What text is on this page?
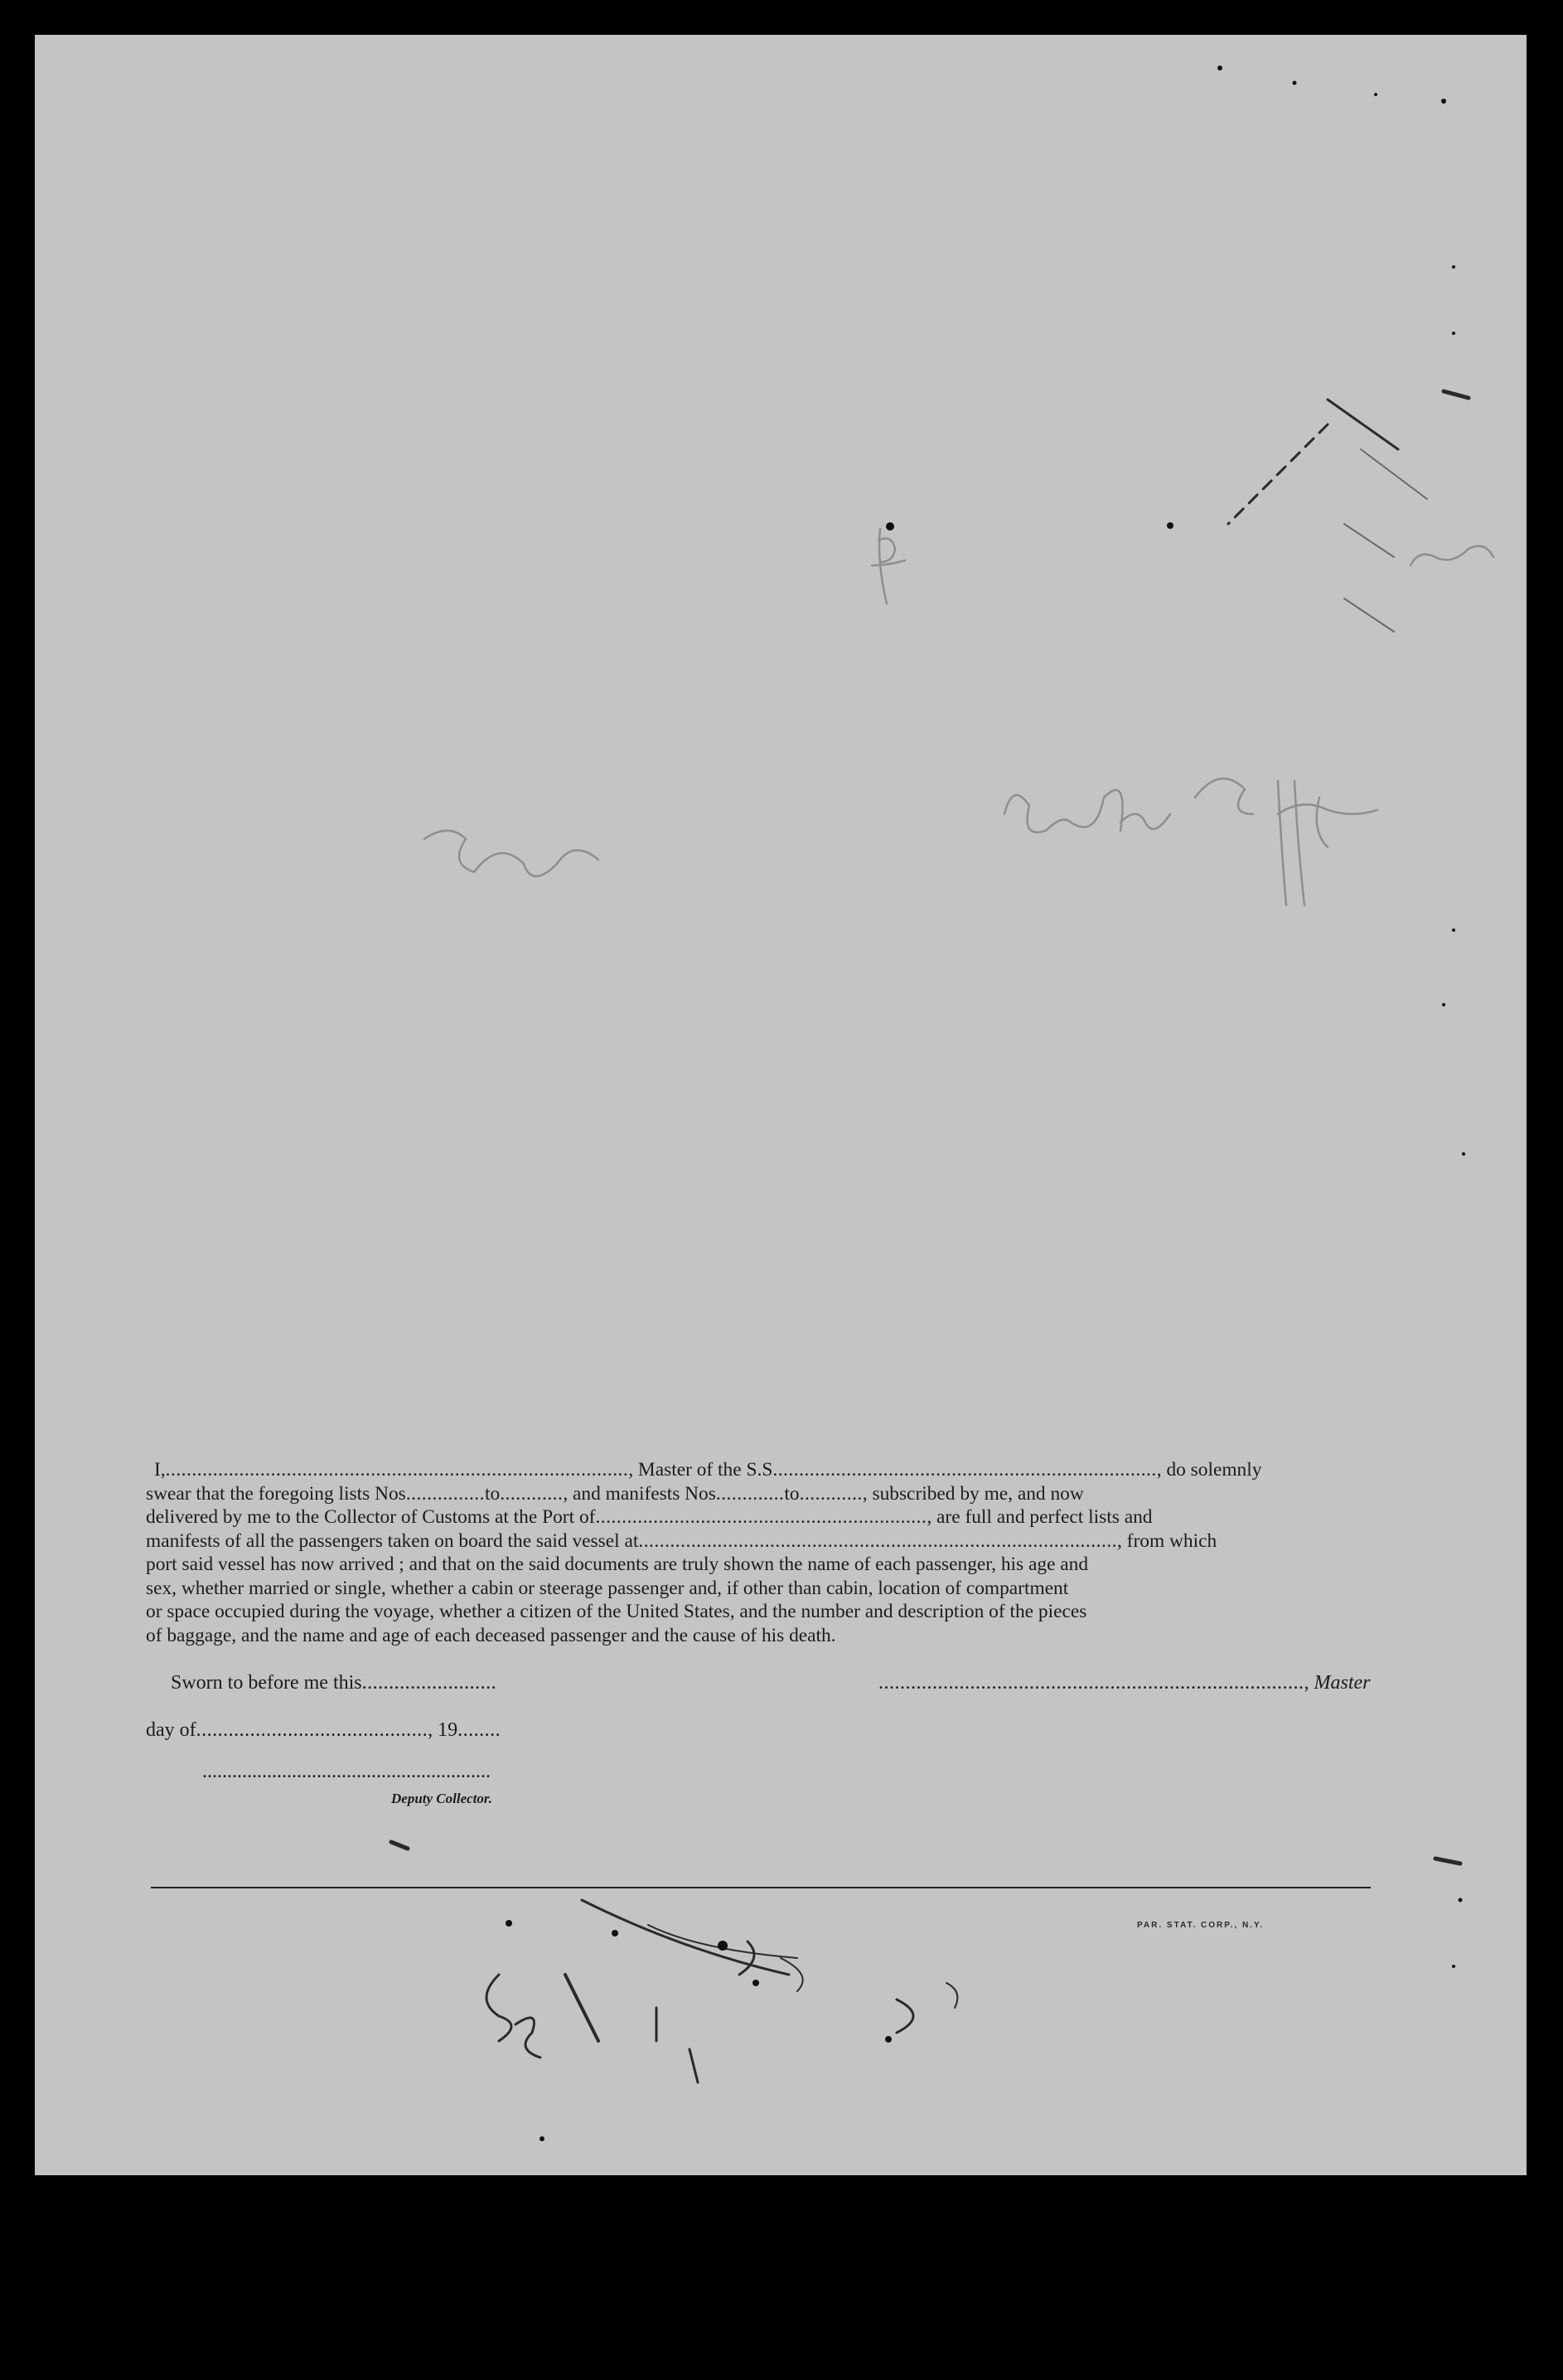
I,........................................................................................, Master of the S.S........................................................................., do solemnly
swear that the foregoing lists Nos...............to............, and manifests Nos.............to............, subscribed by me, and now
delivered by me to the Collector of Customs at the Port of..............................................................., are full and perfect lists and
manifests of all the passengers taken on board the said vessel at..........................................................................................., from which
port said vessel has now arrived ; and that on the said documents are truly shown the name of each passenger, his age and
sex, whether married or single, whether a cabin or steerage passenger and, if other than cabin, location of compartment
or space occupied during the voyage, whether a citizen of the United States, and the number and description of the pieces
of baggage, and the name and age of each deceased passenger and the cause of his death.
Sworn to before me this.........................	..............................................................................., Master
day of..........................................., 19........
..........................................................
Deputy Collector.
PAR. STAT. CORP., N.Y.
